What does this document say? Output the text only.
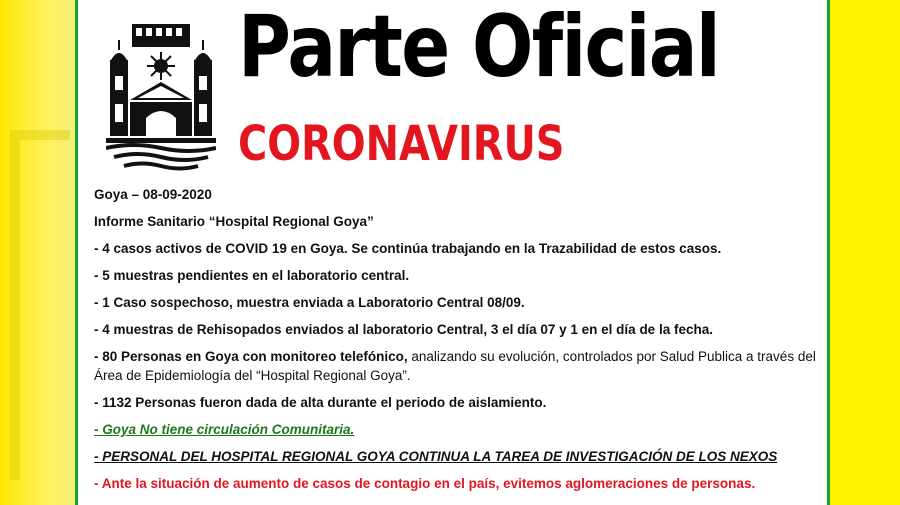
Parte Oficial
CORONAVIRUS
Goya – 08-09-2020
Informe Sanitario “Hospital Regional Goya”
- 4 casos activos de COVID 19 en Goya. Se continúa trabajando en la Trazabilidad de estos casos.
- 5 muestras pendientes en el laboratorio central.
- 1 Caso sospechoso, muestra enviada a Laboratorio Central 08/09.
- 4 muestras de Rehisopados enviados al laboratorio Central, 3 el día 07 y 1 en el día de la fecha.
- 80 Personas en Goya con monitoreo telefónico, analizando su evolución, controlados por Salud Publica a través del Área de Epidemiología del “Hospital Regional Goya”.
- 1132 Personas fueron dada de alta durante el periodo de aislamiento.
- Goya No tiene circulación Comunitaria.
- PERSONAL DEL HOSPITAL REGIONAL GOYA CONTINUA LA TAREA DE INVESTIGACIÓN DE LOS NEXOS
- Ante la situación de aumento de casos de contagio en el país, evitemos aglomeraciones de personas.
